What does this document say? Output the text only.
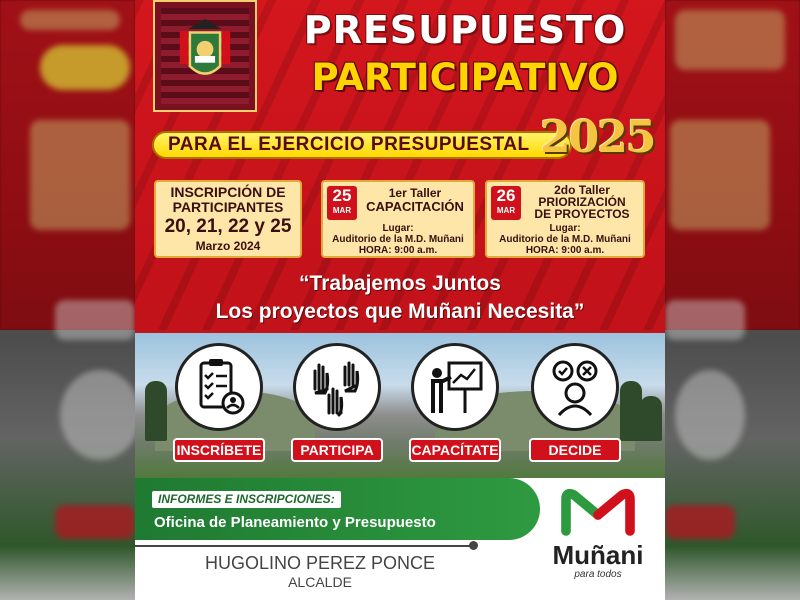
PRESUPUESTO
PARTICIPATIVO
PARA EL EJERCICIO PRESUPUESTAL 2025
INSCRIPCIÓN DE
PARTICIPANTES
20, 21, 22 y 25
Marzo 2024
25
MAR
1er Taller
CAPACITACIÓN
Lugar:
Auditorio de la M.D. Muñani
HORA: 9:00 a.m.
26
MAR
2do Taller
PRIORIZACIÓN
DE PROYECTOS
Lugar:
Auditorio de la M.D. Muñani
HORA: 9:00 a.m.
“Trabajemos Juntos
Los proyectos que Muñani Necesita”
INSCRÍBETE	PARTICIPA	CAPACÍTATE	DECIDE
INFORMES E INSCRIPCIONES:
Oficina de Planeamiento y Presupuesto
HUGOLINO PEREZ PONCE
ALCALDE
Muñani
para todos
